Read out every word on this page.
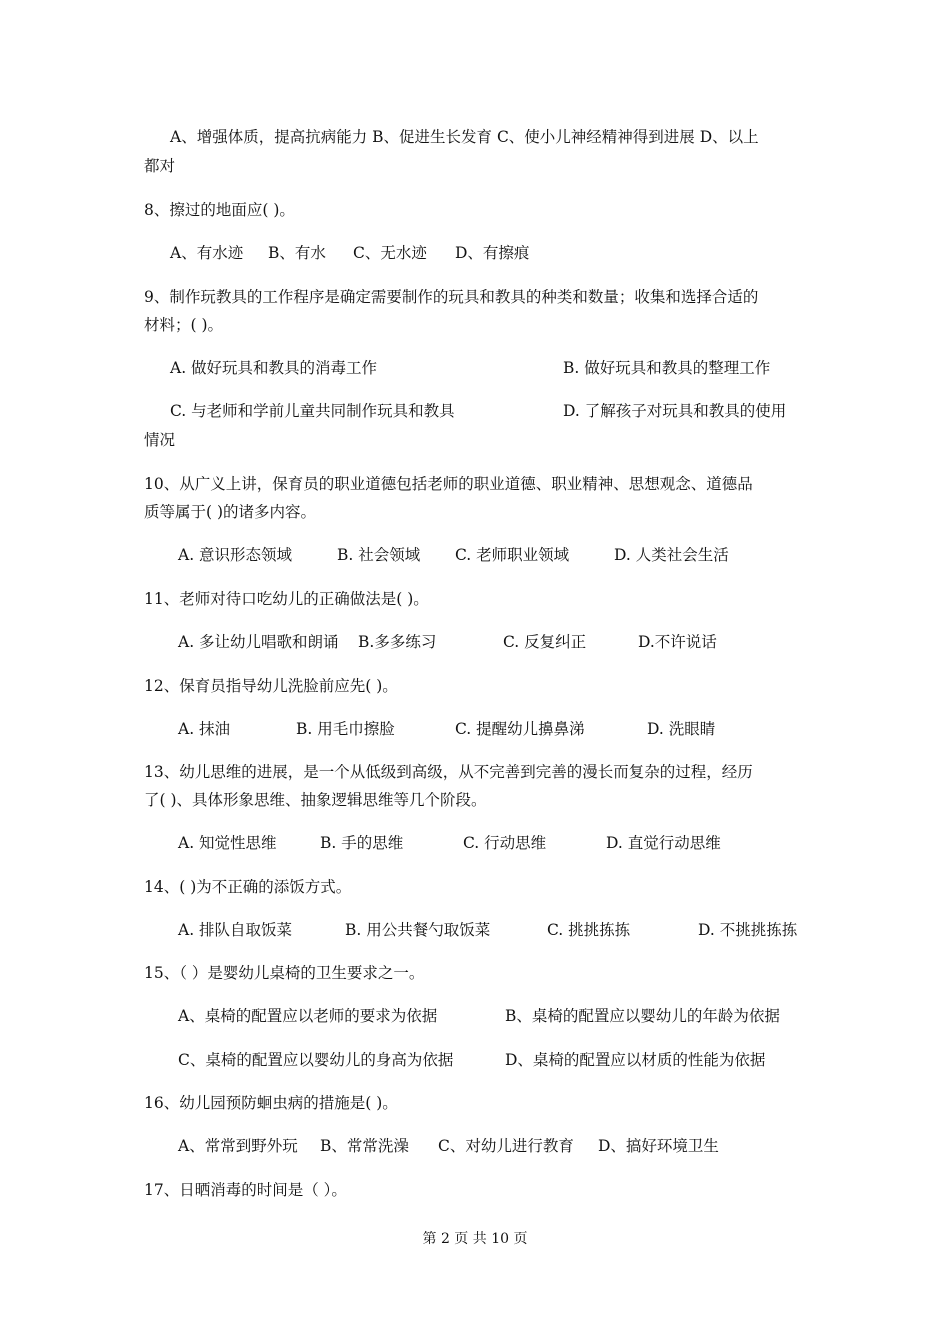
A、增强体质，提高抗病能力 B、促进生长发育 C、使小儿神经精神得到进展 D、以上
都对
8、擦过的地面应( )。
A、有水迹 B、有水 C、无水迹 D、有擦痕
9、制作玩教具的工作程序是确定需要制作的玩具和教具的种类和数量；收集和选择合适的
材料；( )。
A. 做好玩具和教具的消毒工作	B. 做好玩具和教具的整理工作
C. 与老师和学前儿童共同制作玩具和教具	D. 了解孩子对玩具和教具的使用
情况
10、从广义上讲，保育员的职业道德包括老师的职业道德、职业精神、思想观念、道德品
质等属于( )的诸多内容。
A. 意识形态领域	B. 社会领域 C. 老师职业领域	D. 人类社会生活
11、老师对待口吃幼儿的正确做法是( )。
A. 多让幼儿唱歌和朗诵 B.多多练习	C. 反复纠正	D.不许说话
12、保育员指导幼儿洗脸前应先( )。
A. 抹油	B. 用毛巾擦脸	C. 提醒幼儿擤鼻涕	D. 洗眼睛
13、幼儿思维的进展，是一个从低级到高级，从不完善到完善的漫长而复杂的过程，经历
了( )、具体形象思维、抽象逻辑思维等几个阶段。
A. 知觉性思维	B. 手的思维	C. 行动思维	D. 直觉行动思维
14、( )为不正确的添饭方式。
A. 排队自取饭菜	B. 用公共餐勺取饭菜	C. 挑挑拣拣	D. 不挑挑拣拣
15、（ ）是婴幼儿桌椅的卫生要求之一。
A、桌椅的配置应以老师的要求为依据	B、桌椅的配置应以婴幼儿的年龄为依据
C、桌椅的配置应以婴幼儿的身高为依据	D、桌椅的配置应以材质的性能为依据
16、幼儿园预防蛔虫病的措施是( )。
A、常常到野外玩 B、常常洗澡 C、对幼儿进行教育 D、搞好环境卫生
17、日晒消毒的时间是（ ）。
第 2 页 共 10 页
